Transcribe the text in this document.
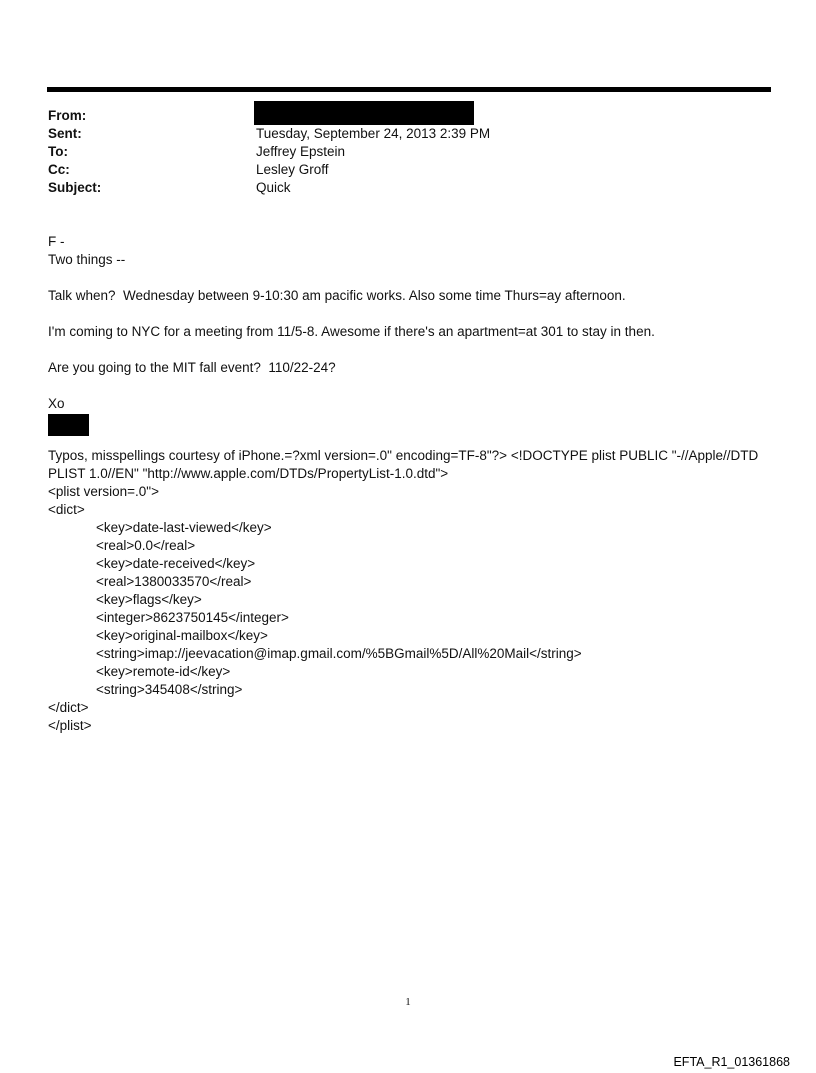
From:
Sent:	Tuesday, September 24, 2013 2:39 PM
To:	Jeffrey Epstein
Cc:	Lesley Groff
Subject:	Quick
F -
Two things --
Talk when?  Wednesday between 9-10:30 am pacific works. Also some time Thurs=ay afternoon.
I'm coming to NYC for a meeting from 11/5-8. Awesome if there's an apartment=at 301 to stay in then.
Are you going to the MIT fall event?  110/22-24?
Xo
Typos, misspellings courtesy of iPhone.=?xml version=.0" encoding=TF-8"?> <!DOCTYPE plist PUBLIC "-//Apple//DTD
PLIST 1.0//EN" "http://www.apple.com/DTDs/PropertyList-1.0.dtd">
<plist version=.0">
<dict>
<key>date-last-viewed</key>
<real>0.0</real>
<key>date-received</key>
<real>1380033570</real>
<key>flags</key>
<integer>8623750145</integer>
<key>original-mailbox</key>
<string>imap://jeevacation@imap.gmail.com/%5BGmail%5D/All%20Mail</string>
<key>remote-id</key>
<string>345408</string>
</dict>
</plist>
1
EFTA_R1_01361868
